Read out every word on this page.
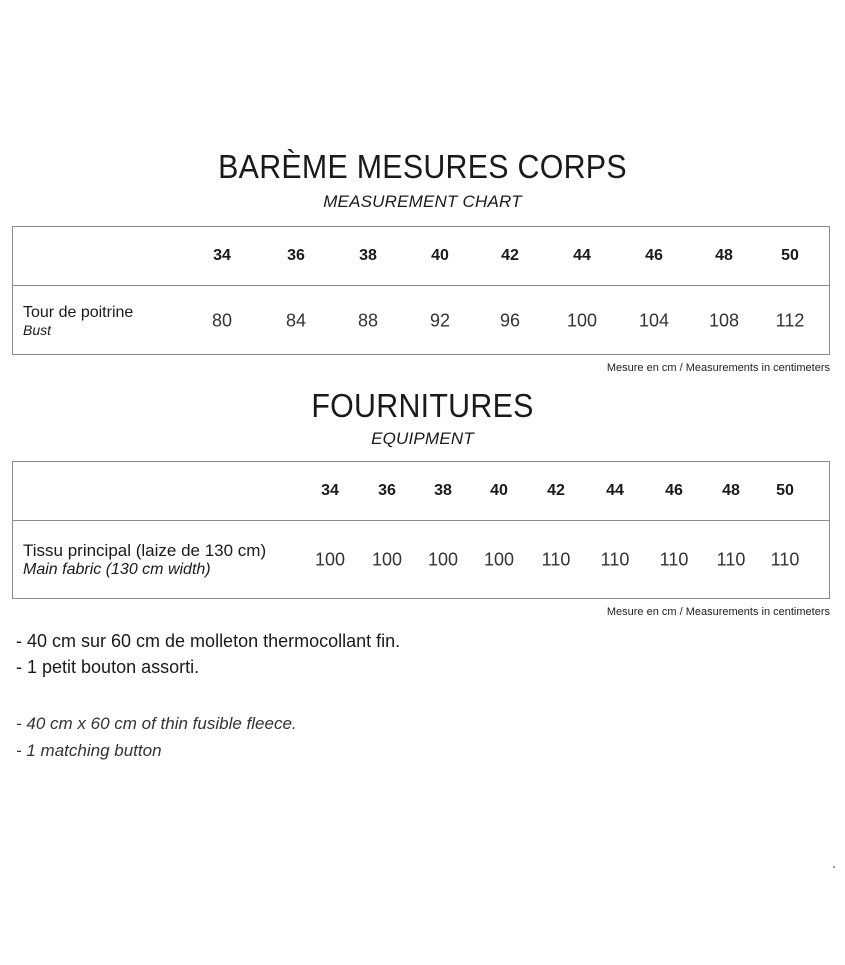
BARÈME MESURES CORPS
MEASUREMENT CHART
34	36	38	40	42	44	46	48	50
Tour de poitrine
Bust	80	84	88	92	96	100 104 108 112
Mesure en cm / Measurements in centimeters
FOURNITURES
EQUIPMENT
34 36 38 40 42	44	46 48 50
Tissu principal (laize de 130 cm)
Main fabric (130 cm width)	100 100 100 100 110 110 110 110 110
Mesure en cm / Measurements in centimeters
- 40 cm sur 60 cm de molleton thermocollant fin.
- 1 petit bouton assorti.
- 40 cm x 60 cm of thin fusible fleece.
- 1 matching button
